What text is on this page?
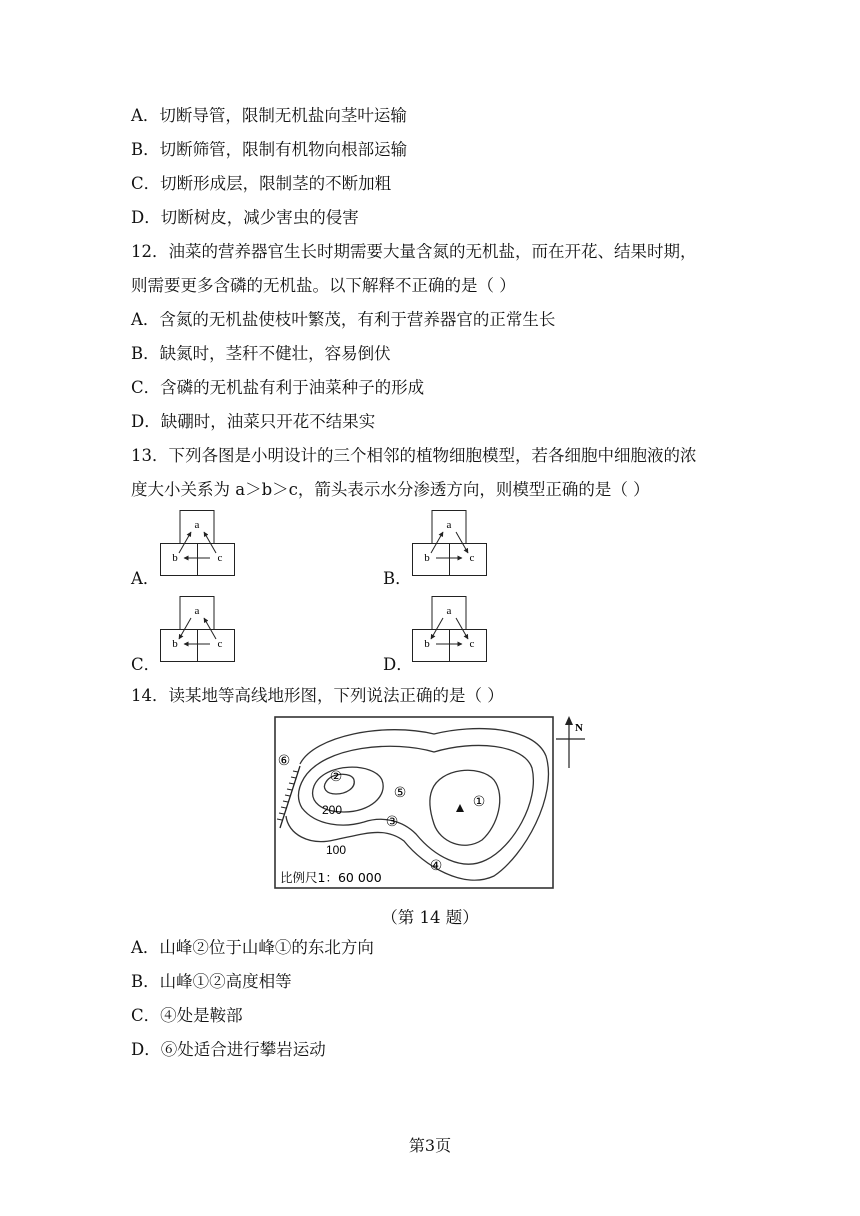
A．切断导管，限制无机盐向茎叶运输
B．切断筛管，限制有机物向根部运输
C．切断形成层，限制茎的不断加粗
D．切断树皮，减少害虫的侵害
12．油菜的营养器官生长时期需要大量含氮的无机盐，而在开花、结果时期，
则需要更多含磷的无机盐。以下解释不正确的是（ ）
A．含氮的无机盐使枝叶繁茂，有利于营养器官的正常生长
B．缺氮时，茎秆不健壮，容易倒伏
C．含磷的无机盐有利于油菜种子的形成
D．缺硼时，油菜只开花不结果实
13．下列各图是小明设计的三个相邻的植物细胞模型，若各细胞中细胞液的浓
度大小关系为 a＞b＞c，箭头表示水分渗透方向，则模型正确的是（ ）
A．	B．
C．	D．
a
b	c
a
b	c
a
b	c
a
b	c
14．读某地等高线地形图，下列说法正确的是（ ）
①
②
③
④
⑤
⑥
200
100
比例尺1：60 000
N
（第 14 题）
A．山峰②位于山峰①的东北方向
B．山峰①②高度相等
C．④处是鞍部
D．⑥处适合进行攀岩运动
第3页
